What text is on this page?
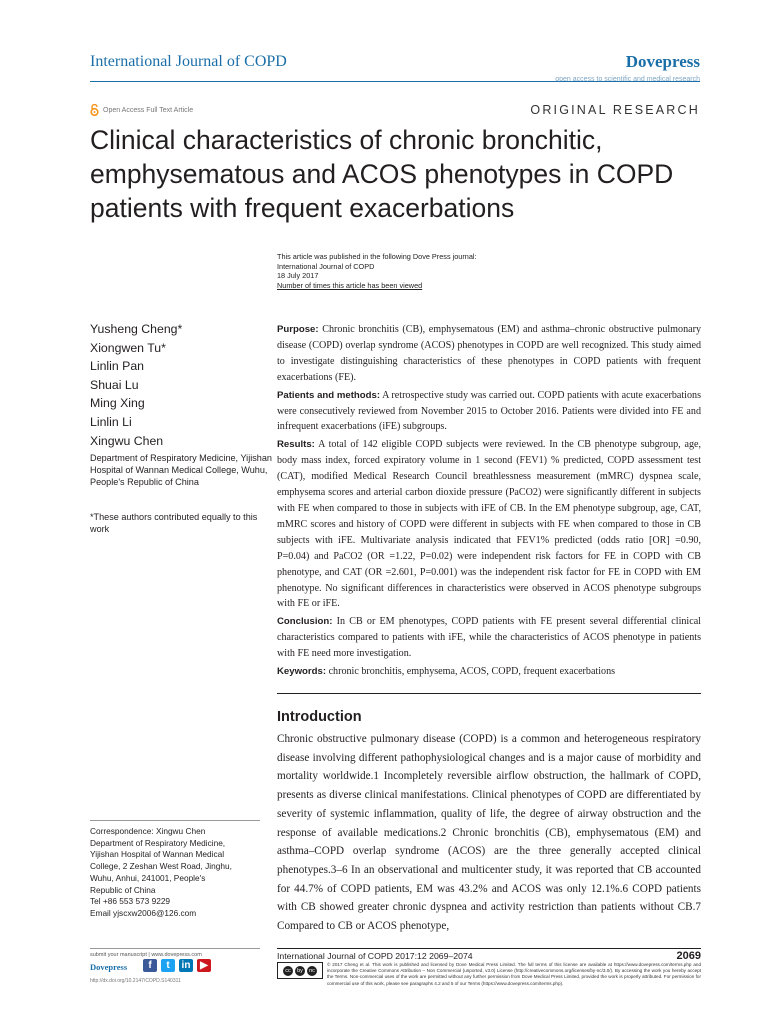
International Journal of COPD	Dovepress
open access to scientific and medical research
Open Access Full Text Article	ORIGINAL RESEARCH
Clinical characteristics of chronic bronchitic, emphysematous and ACOS phenotypes in COPD patients with frequent exacerbations
This article was published in the following Dove Press journal:
International Journal of COPD
18 July 2017
Number of times this article has been viewed
Yusheng Cheng*
Xiongwen Tu*
Linlin Pan
Shuai Lu
Ming Xing
Linlin Li
Xingwu Chen
Department of Respiratory Medicine, Yijishan Hospital of Wannan Medical College, Wuhu, People's Republic of China
*These authors contributed equally to this work

Purpose: Chronic bronchitis (CB), emphysematous (EM) and asthma–chronic obstructive pulmonary disease (COPD) overlap syndrome (ACOS) phenotypes in COPD are well recognized. This study aimed to investigate distinguishing characteristics of these phenotypes in COPD patients with frequent exacerbations (FE).

Patients and methods: A retrospective study was carried out. COPD patients with acute exacerbations were consecutively reviewed from November 2015 to October 2016. Patients were divided into FE and infrequent exacerbations (iFE) subgroups.

Results: A total of 142 eligible COPD subjects were reviewed. In the CB phenotype subgroup, age, body mass index, forced expiratory volume in 1 second (FEV1) % predicted, COPD assessment test (CAT), modified Medical Research Council breathlessness measurement (mMRC) dyspnea scale, emphysema scores and arterial carbon dioxide pressure (PaCO2) were significantly different in subjects with FE when compared to those in subjects with iFE of CB. In the EM phenotype subgroup, age, CAT, mMRC scores and history of COPD were different in subjects with FE when compared to those in CB subjects with iFE. Multivariate analysis indicated that FEV1% predicted (odds ratio [OR] =0.90, P=0.04) and PaCO2 (OR =1.22, P=0.02) were independent risk factors for FE in COPD with CB phenotype, and CAT (OR =2.601, P=0.001) was the independent risk factor for FE in COPD with EM phenotype. No significant differences in characteristics were observed in ACOS phenotype subgroups with FE or iFE.

Conclusion: In CB or EM phenotypes, COPD patients with FE present several differential clinical characteristics compared to patients with iFE, while the characteristics of ACOS phenotype in patients with FE need more investigation.

Keywords: chronic bronchitis, emphysema, ACOS, COPD, frequent exacerbations

Introduction
Chronic obstructive pulmonary disease (COPD) is a common and heterogeneous respiratory disease involving different pathophysiological changes and is a major cause of morbidity and mortality worldwide.1 Incompletely reversible airflow obstruction, the hallmark of COPD, presents as diverse clinical manifestations. Clinical phenotypes of COPD are differentiated by severity of systemic inflammation, quality of life, the degree of airway obstruction and the response of available medications.2 Chronic bronchitis (CB), emphysematous (EM) and asthma–COPD overlap syndrome (ACOS) are the three generally accepted clinical phenotypes.3–6 In an observational and multicenter study, it was reported that CB accounted for 44.7% of COPD patients, EM was 43.2% and ACOS was only 12.1%.6 COPD patients with CB showed greater chronic dyspnea and activity restriction than patients without CB.7 Compared to CB or ACOS phenotype,
Correspondence: Xingwu Chen
Department of Respiratory Medicine,
Yijishan Hospital of Wannan Medical
College, 2 Zeshan West Road, Jinghu,
Wuhu, Anhui, 241001, People's
Republic of China
Tel +86 553 573 9229
Email yjscxw2006@126.com
submit your manuscript | www.dovepress.com
Dovepress	f	t	in ▶
http://dx.doi.org/10.2147/COPD.S140311
International Journal of COPD 2017:12 2069–2074	2069
cc	by	nc
© 2017 Cheng et al. This work is published and licensed by Dove Medical Press Limited. The full terms of this license are available at https://www.dovepress.com/terms.php and incorporate the Creative Commons Attribution – Non Commercial (unported, v3.0) License (http://creativecommons.org/licenses/by-nc/3.0/). By accessing the work you hereby accept the Terms. Non-commercial uses of the work are permitted without any further permission from Dove Medical Press Limited, provided the work is properly attributed. For permission for commercial use of this work, please see paragraphs 4.2 and 5 of our Terms (https://www.dovepress.com/terms.php).
